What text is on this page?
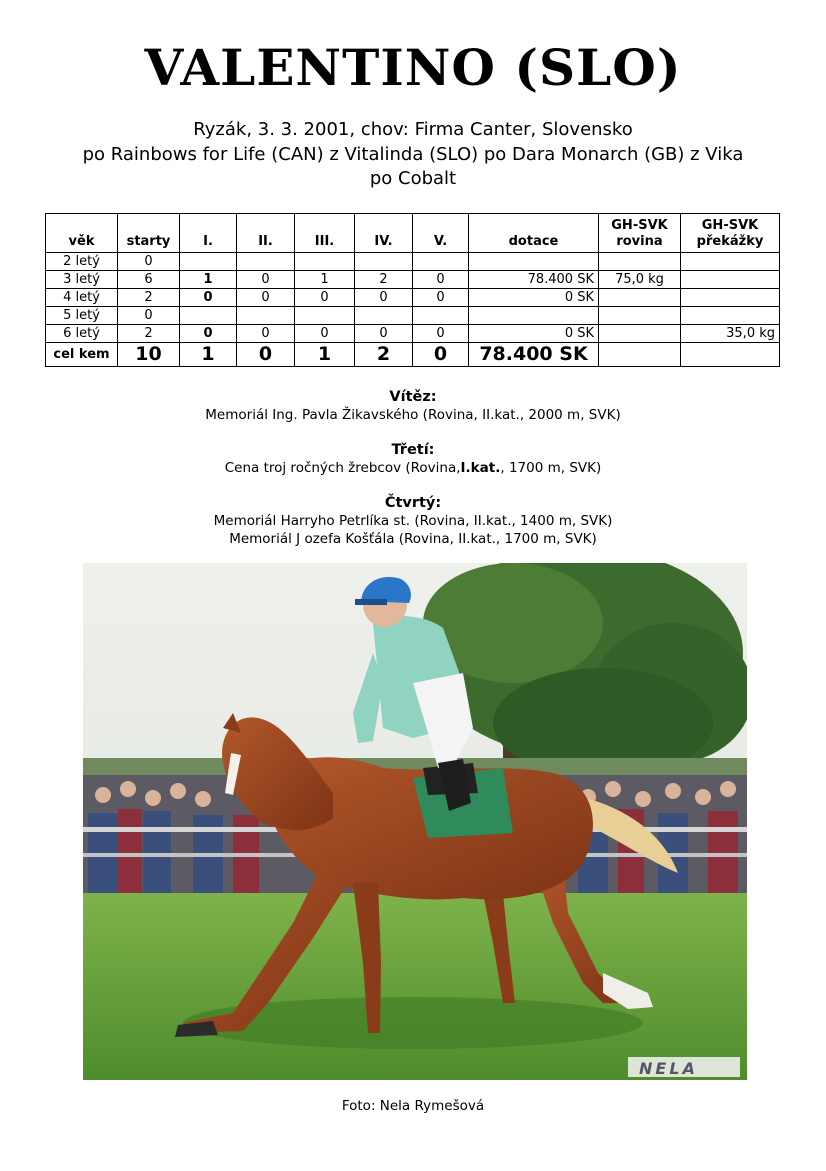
VALENTINO (SLO)
Ryzák, 3. 3. 2001, chov: Firma Canter, Slovensko
po Rainbows for Life (CAN) z Vitalinda (SLO) po Dara Monarch (GB) z Vika
po Cobalt
věk	starty	I.	II.	III.	IV.	V.	dotace	GH-SVK rovina	GH-SVK překážky
2 letý	0								
3 letý	6	1	0	1	2	0	78.400 SK	75,0 kg	
4 letý	2	0	0	0	0	0	0 SK		
5 letý	0								
6 letý	2	0	0	0	0	0	0 SK		35,0 kg
cel kem	10	1	0	1	2	0	78.400 SK		
Vítěz:
Memoriál Ing. Pavla Žikavského (Rovina, II.kat., 2000 m, SVK)
Třetí:
Cena troj ročných žrebcov (Rovina,I.kat., 1700 m, SVK)
Čtvrtý:
Memoriál Harryho Petrlíka st. (Rovina, II.kat., 1400 m, SVK)
Memoriál J ozefa Košťála (Rovina, II.kat., 1700 m, SVK)
NELA
Foto: Nela Rymešová
